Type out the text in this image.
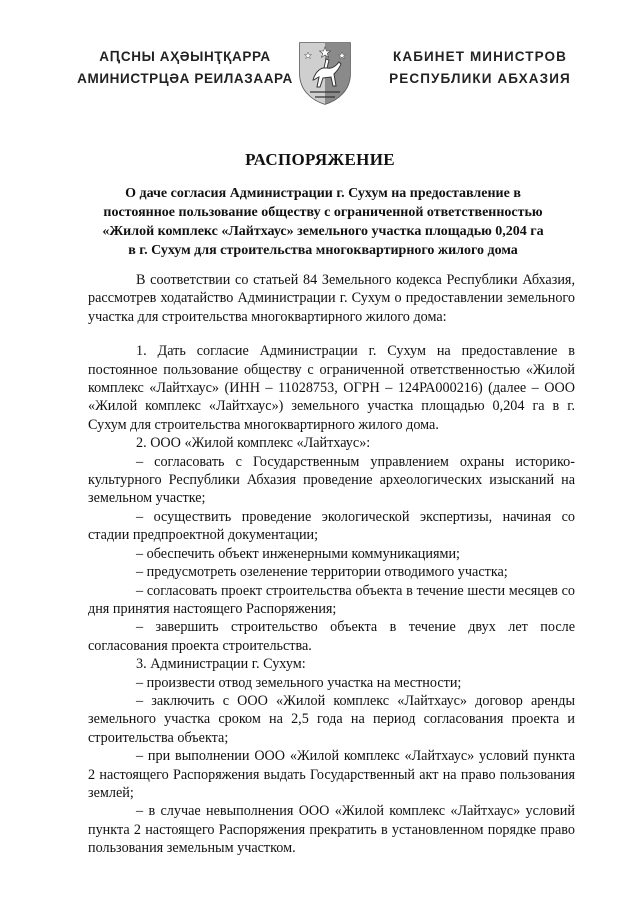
АԤСНЫ АҲӘЫНҬҚАРРА
АМИНИСТРЦӘА РЕИЛАЗААРА
КАБИНЕТ МИНИСТРОВ
РЕСПУБЛИКИ АБХАЗИЯ
РАСПОРЯЖЕНИЕ
О даче согласия Администрации г. Сухум на предоставление в
постоянное пользование обществу с ограниченной ответственностью
«Жилой комплекс «Лайтхаус» земельного участка площадью 0,204 га
в г. Сухум для строительства многоквартирного жилого дома

В соответствии со статьей 84 Земельного кодекса Республики Абхазия, рассмотрев ходатайство Администрации г. Сухум о предоставлении земельного участка для строительства многоквартирного жилого дома:

1. Дать согласие Администрации г. Сухум на предоставление в постоянное пользование обществу с ограниченной ответственностью «Жилой комплекс «Лайтхаус» (ИНН – 11028753, ОГРН – 124РА000216) (далее – ООО «Жилой комплекс «Лайтхаус») земельного участка площадью 0,204 га в г. Сухум для строительства многоквартирного жилого дома.

2. ООО «Жилой комплекс «Лайтхаус»:

– согласовать с Государственным управлением охраны историко-культурного Республики Абхазия проведение археологических изысканий на земельном участке;

– осуществить проведение экологической экспертизы, начиная со стадии предпроектной документации;

– обеспечить объект инженерными коммуникациями;

– предусмотреть озеленение территории отводимого участка;

– согласовать проект строительства объекта в течение шести месяцев со дня принятия настоящего Распоряжения;

– завершить строительство объекта в течение двух лет после согласования проекта строительства.

3. Администрации г. Сухум:

– произвести отвод земельного участка на местности;

– заключить с ООО «Жилой комплекс «Лайтхаус» договор аренды земельного участка сроком на 2,5 года на период согласования проекта и строительства объекта;

– при выполнении ООО «Жилой комплекс «Лайтхаус» условий пункта 2 настоящего Распоряжения выдать Государственный акт на право пользования землей;

– в случае невыполнения ООО «Жилой комплекс «Лайтхаус» условий пункта 2 настоящего Распоряжения прекратить в установленном порядке право пользования земельным участком.
